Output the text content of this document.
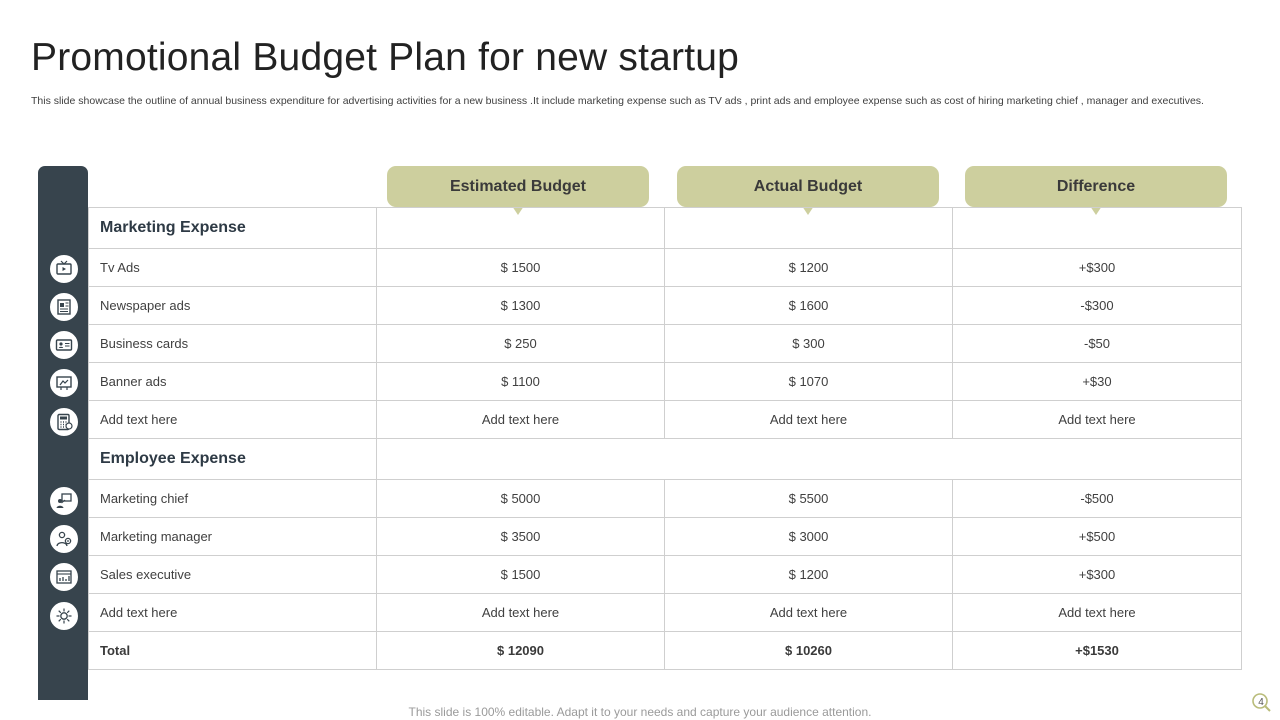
Promotional Budget Plan for new startup

This slide showcase the outline of annual business expenditure for advertising activities for a new business .It include marketing expense such as TV ads , print ads and employee expense such as cost of hiring marketing chief , manager and executives.

Estimated Budget	Actual Budget	Difference
Marketing Expense			
Tv Ads	$ 1500	$ 1200	+$300
Newspaper ads	$ 1300	$ 1600	-$300
Business cards	$ 250	$ 300	-$50
Banner ads	$ 1100	$ 1070	+$30
Add text here	Add text here	Add text here	Add text here
Employee Expense			
Marketing chief	$ 5000	$ 5500	-$500
Marketing manager	$ 3500	$ 3000	+$500
Sales executive	$ 1500	$ 1200	+$300
Add text here	Add text here	Add text here	Add text here
Total	$ 12090	$ 10260	+$1530
This slide is 100% editable. Adapt it to your needs and capture your audience attention.
4
